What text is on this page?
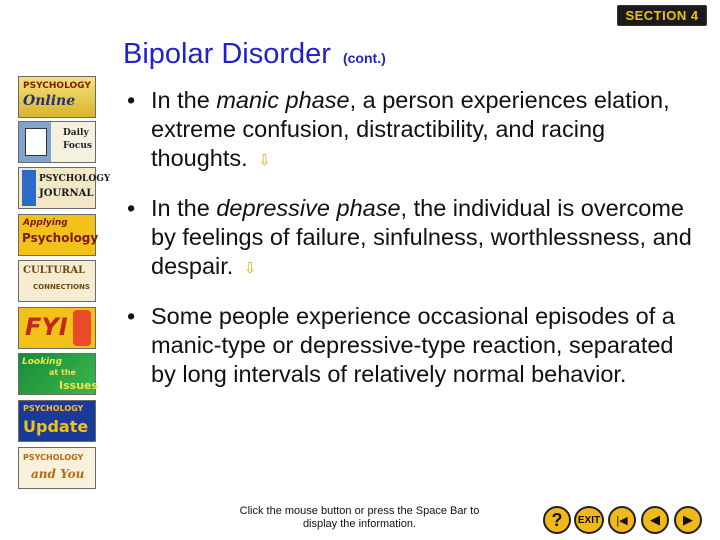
SECTION 4
Bipolar Disorder (cont.)
• In the manic phase, a person experiences elation, extreme confusion, distractibility, and racing thoughts. ⇩
• In the depressive phase, the individual is overcome by feelings of failure, sinfulness, worthlessness, and despair. ⇩
• Some people experience occasional episodes of a manic-type or depressive-type reaction, separated by long intervals of relatively normal behavior.
PSYCHOLOGY
Online
Daily
Focus
PSYCHOLOGY
JOURNAL
Applying
Psychology
CULTURAL
CONNECTIONS
FYI
Looking
at the
Issues
PSYCHOLOGY
Update
PSYCHOLOGY
and You
Click the mouse button or press the Space Bar to display the information.	?	EXIT	|◀ ◀ ▶
